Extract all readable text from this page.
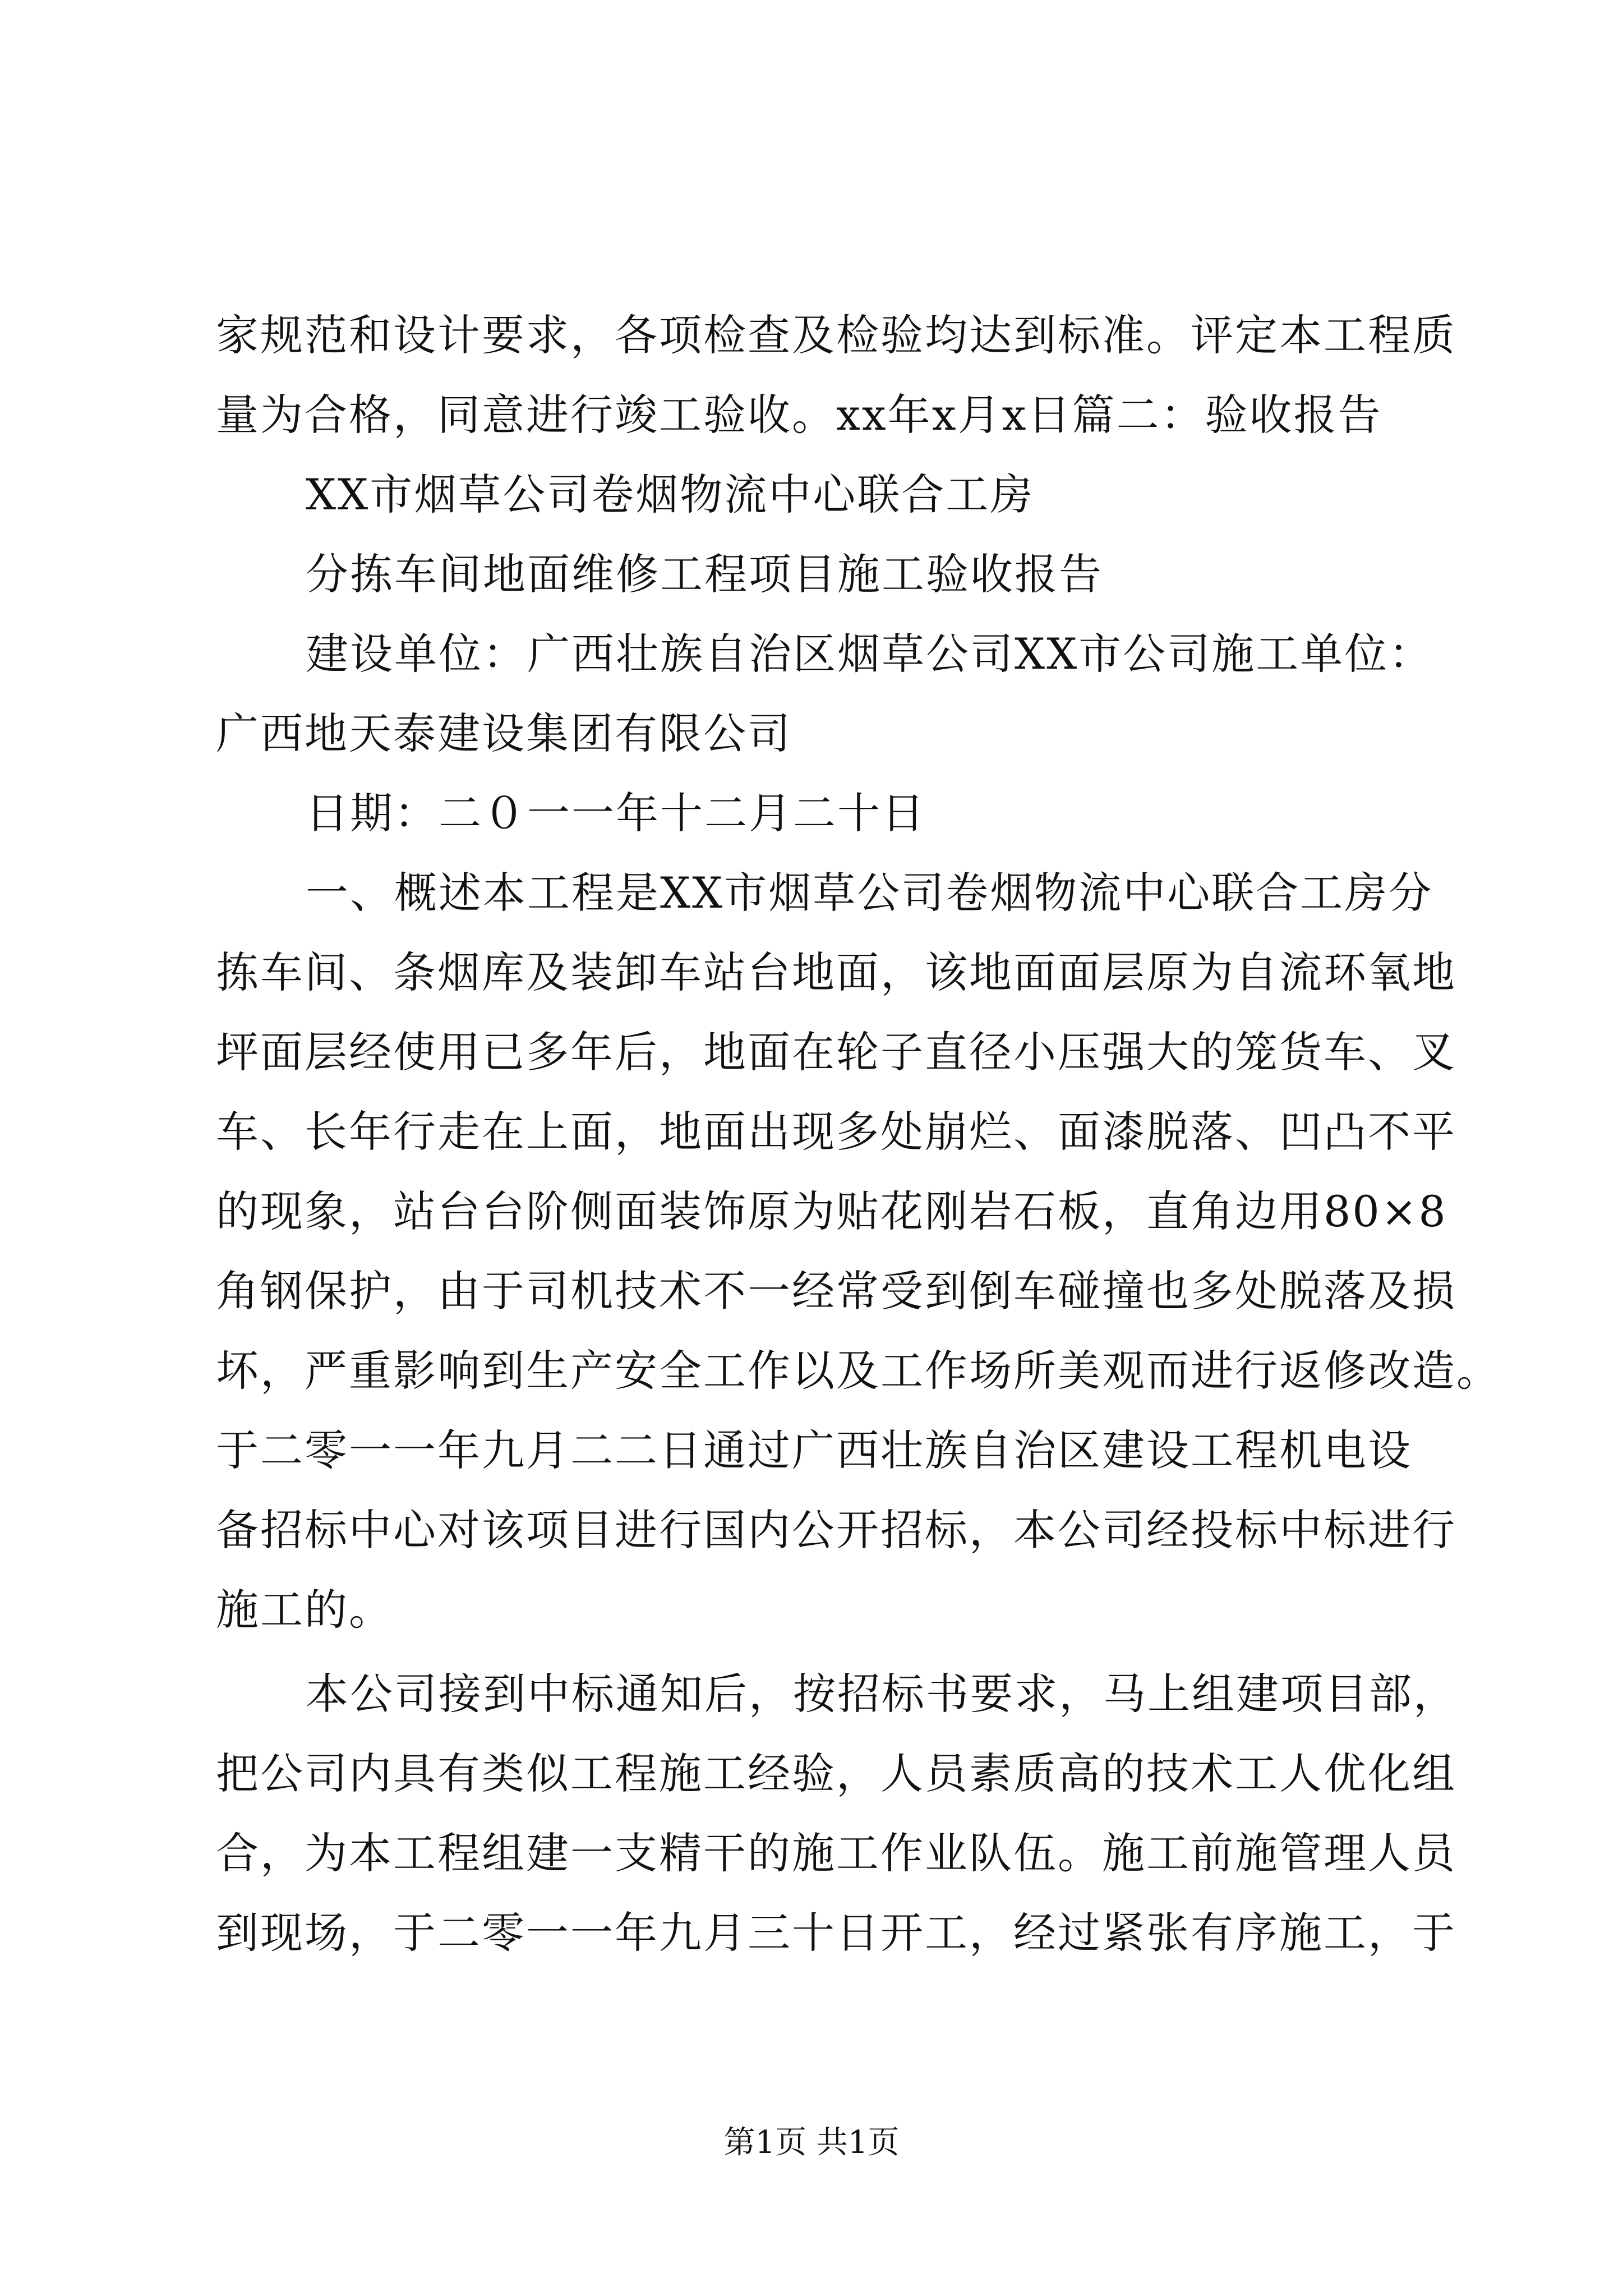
家规范和设计要求，各项检查及检验均达到标准。评定本工程质
量为合格，同意进行竣工验收。xx年x月x日篇二：验收报告
XX市烟草公司卷烟物流中心联合工房
分拣车间地面维修工程项目施工验收报告
建设单位：广西壮族自治区烟草公司XX市公司施工单位：
广西地天泰建设集团有限公司
日期：二０一一年十二月二十日
一、概述本工程是XX市烟草公司卷烟物流中心联合工房分
拣车间、条烟库及装卸车站台地面，该地面面层原为自流环氧地
坪面层经使用已多年后，地面在轮子直径小压强大的笼货车、叉
车、长年行走在上面，地面出现多处崩烂、面漆脱落、凹凸不平
的现象，站台台阶侧面装饰原为贴花刚岩石板，直角边用80×8
角钢保护，由于司机技术不一经常受到倒车碰撞也多处脱落及损
坏，严重影响到生产安全工作以及工作场所美观而进行返修改造。
于二零一一年九月二二日通过广西壮族自治区建设工程机电设
备招标中心对该项目进行国内公开招标，本公司经投标中标进行
施工的。
本公司接到中标通知后，按招标书要求，马上组建项目部，
把公司内具有类似工程施工经验，人员素质高的技术工人优化组
合，为本工程组建一支精干的施工作业队伍。施工前施管理人员
到现场，于二零一一年九月三十日开工，经过紧张有序施工，于
第1页 共1页
